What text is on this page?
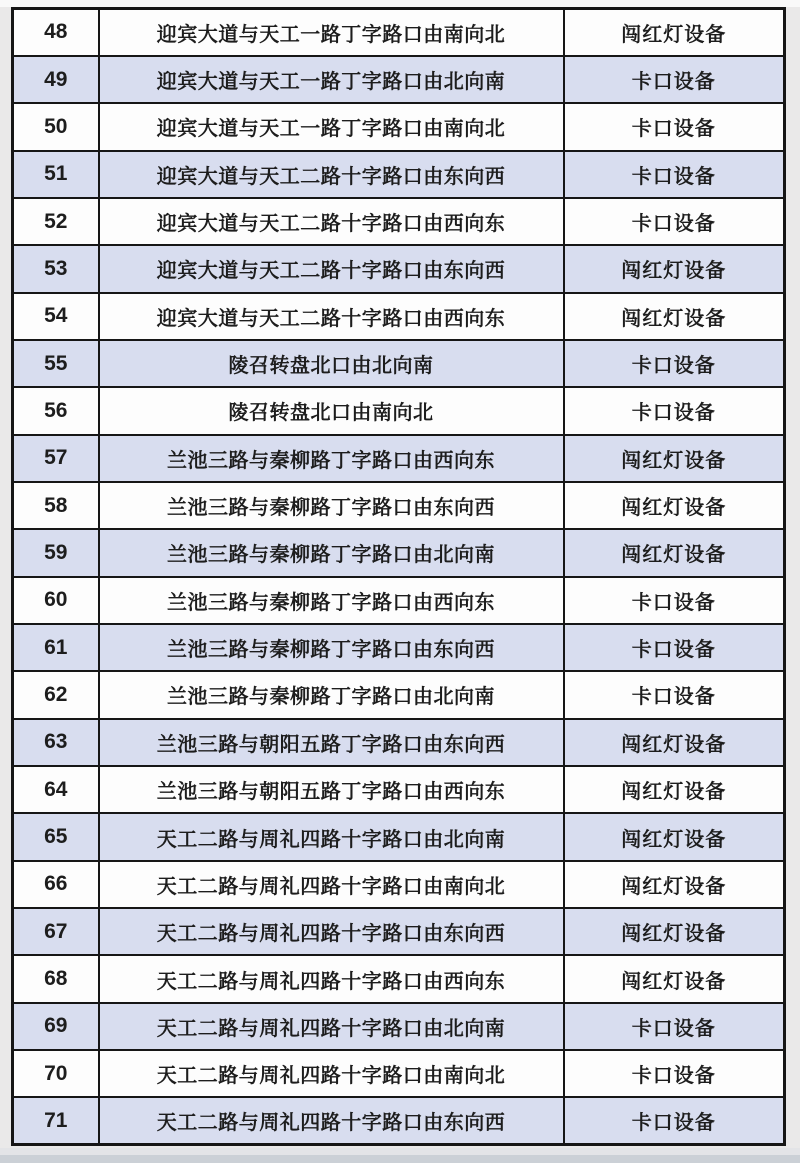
48	迎宾大道与天工一路丁字路口由南向北	闯红灯设备
49	迎宾大道与天工一路丁字路口由北向南	卡口设备
50	迎宾大道与天工一路丁字路口由南向北	卡口设备
51	迎宾大道与天工二路十字路口由东向西	卡口设备
52	迎宾大道与天工二路十字路口由西向东	卡口设备
53	迎宾大道与天工二路十字路口由东向西	闯红灯设备
54	迎宾大道与天工二路十字路口由西向东	闯红灯设备
55	陵召转盘北口由北向南	卡口设备
56	陵召转盘北口由南向北	卡口设备
57	兰池三路与秦柳路丁字路口由西向东	闯红灯设备
58	兰池三路与秦柳路丁字路口由东向西	闯红灯设备
59	兰池三路与秦柳路丁字路口由北向南	闯红灯设备
60	兰池三路与秦柳路丁字路口由西向东	卡口设备
61	兰池三路与秦柳路丁字路口由东向西	卡口设备
62	兰池三路与秦柳路丁字路口由北向南	卡口设备
63	兰池三路与朝阳五路丁字路口由东向西	闯红灯设备
64	兰池三路与朝阳五路丁字路口由西向东	闯红灯设备
65	天工二路与周礼四路十字路口由北向南	闯红灯设备
66	天工二路与周礼四路十字路口由南向北	闯红灯设备
67	天工二路与周礼四路十字路口由东向西	闯红灯设备
68	天工二路与周礼四路十字路口由西向东	闯红灯设备
69	天工二路与周礼四路十字路口由北向南	卡口设备
70	天工二路与周礼四路十字路口由南向北	卡口设备
71	天工二路与周礼四路十字路口由东向西	卡口设备
